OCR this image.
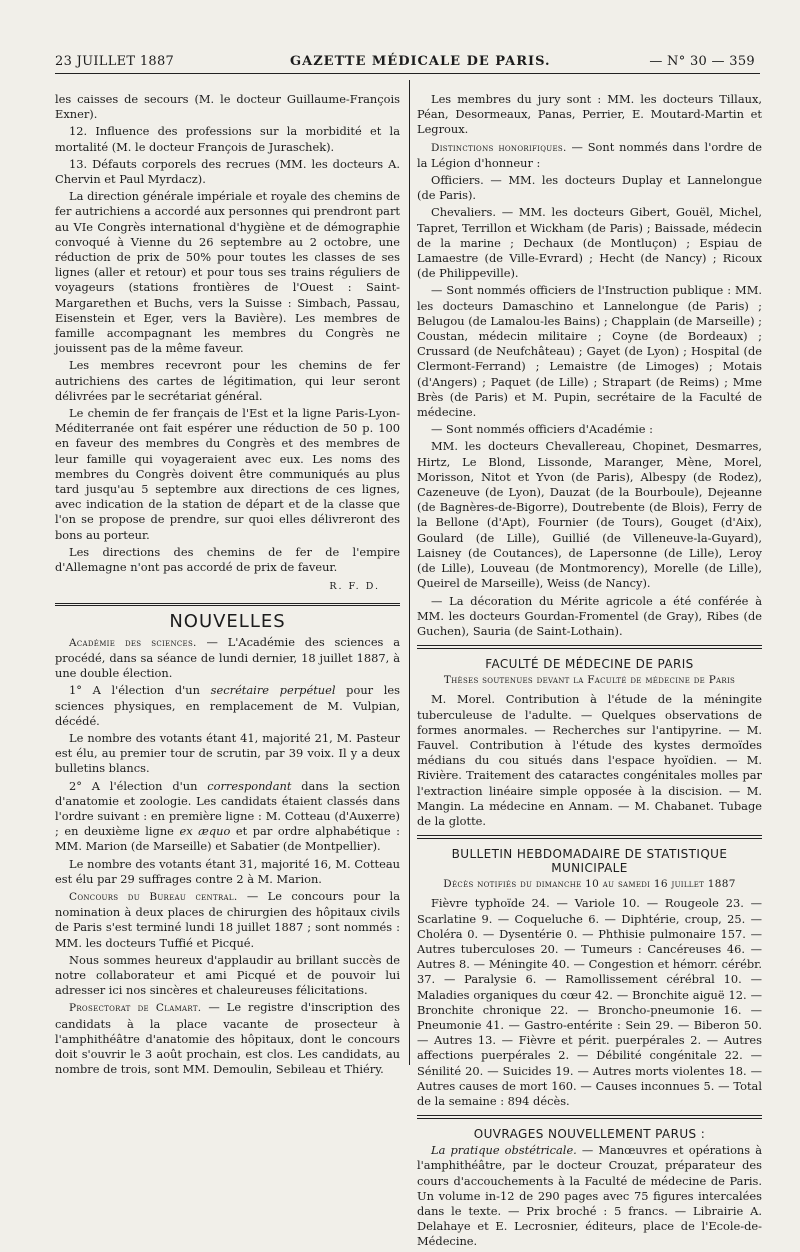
23 JUILLET 1887	GAZETTE MÉDICALE DE PARIS.	— N° 30 — 359

les caisses de secours (M. le docteur Guillaume-François Exner).

12. Influence des professions sur la morbidité et la mortalité (M. le docteur François de Juraschek).

13. Défauts corporels des recrues (MM. les docteurs A. Chervin et Paul Myrdacz).

La direction générale impériale et royale des chemins de fer autrichiens a accordé aux personnes qui prendront part au VIe Congrès international d'hygiène et de démographie convoqué à Vienne du 26 septembre au 2 octobre, une réduction de prix de 50% pour toutes les classes de ses lignes (aller et retour) et pour tous ses trains réguliers de voyageurs (stations frontières de l'Ouest : Saint-Margarethen et Buchs, vers la Suisse : Simbach, Passau, Eisenstein et Eger, vers la Bavière). Les membres de famille accompagnant les membres du Congrès ne jouissent pas de la même faveur.

Les membres recevront pour les chemins de fer autrichiens des cartes de légitimation, qui leur seront délivrées par le secrétariat général.

Le chemin de fer français de l'Est et la ligne Paris-Lyon-Méditerranée ont fait espérer une réduction de 50 p. 100 en faveur des membres du Congrès et des membres de leur famille qui voyageraient avec eux. Les noms des membres du Congrès doivent être communiqués au plus tard jusqu'au 5 septembre aux directions de ces lignes, avec indication de la station de départ et de la classe que l'on se propose de prendre, sur quoi elles délivreront des bons au porteur.

Les directions des chemins de fer de l'empire d'Allemagne n'ont pas accordé de prix de faveur.

R. F. D.
NOUVELLES

Académie des sciences. — L'Académie des sciences a procédé, dans sa séance de lundi dernier, 18 juillet 1887, à une double élection.

1° A l'élection d'un secrétaire perpétuel pour les sciences physiques, en remplacement de M. Vulpian, décédé.

Le nombre des votants étant 41, majorité 21, M. Pasteur est élu, au premier tour de scrutin, par 39 voix. Il y a deux bulletins blancs.

2° A l'élection d'un correspondant dans la section d'anatomie et zoologie. Les candidats étaient classés dans l'ordre suivant : en première ligne : M. Cotteau (d'Auxerre) ; en deuxième ligne ex æquo et par ordre alphabétique : MM. Marion (de Marseille) et Sabatier (de Montpellier).

Le nombre des votants étant 31, majorité 16, M. Cotteau est élu par 29 suffrages contre 2 à M. Marion.

Concours du Bureau central. — Le concours pour la nomination à deux places de chirurgien des hôpitaux civils de Paris s'est terminé lundi 18 juillet 1887 ; sont nommés : MM. les docteurs Tuffié et Picqué.

Nous sommes heureux d'applaudir au brillant succès de notre collaborateur et ami Picqué et de pouvoir lui adresser ici nos sincères et chaleureuses félicitations.

Prosectorat de Clamart. — Le registre d'inscription des candidats à la place vacante de prosecteur à l'amphithéâtre d'anatomie des hôpitaux, dont le concours doit s'ouvrir le 3 août prochain, est clos. Les candidats, au nombre de trois, sont MM. Demoulin, Sebileau et Thiéry.

Les membres du jury sont : MM. les docteurs Tillaux, Péan, Desormeaux, Panas, Perrier, E. Moutard-Martin et Legroux.

Distinctions honorifiques. — Sont nommés dans l'ordre de la Légion d'honneur :

Officiers. — MM. les docteurs Duplay et Lannelongue (de Paris).

Chevaliers. — MM. les docteurs Gibert, Gouël, Michel, Tapret, Terrillon et Wickham (de Paris) ; Baissade, médecin de la marine ; Dechaux (de Montluçon) ; Espiau de Lamaestre (de Ville-Evrard) ; Hecht (de Nancy) ; Ricoux (de Philippeville).

— Sont nommés officiers de l'Instruction publique : MM. les docteurs Damaschino et Lannelongue (de Paris) ; Belugou (de Lamalou-les Bains) ; Chapplain (de Marseille) ; Coustan, médecin militaire ; Coyne (de Bordeaux) ; Crussard (de Neufchâteau) ; Gayet (de Lyon) ; Hospital (de Clermont-Ferrand) ; Lemaistre (de Limoges) ; Motais (d'Angers) ; Paquet (de Lille) ; Strapart (de Reims) ; Mme Brès (de Paris) et M. Pupin, secrétaire de la Faculté de médecine.

— Sont nommés officiers d'Académie :

MM. les docteurs Chevallereau, Chopinet, Desmarres, Hirtz, Le Blond, Lissonde, Maranger, Mène, Morel, Morisson, Nitot et Yvon (de Paris), Albespy (de Rodez), Cazeneuve (de Lyon), Dauzat (de la Bourboule), Dejeanne (de Bagnères-de-Bigorre), Doutrebente (de Blois), Ferry de la Bellone (d'Apt), Fournier (de Tours), Gouget (d'Aix), Goulard (de Lille), Guillié (de Villeneuve-la-Guyard), Laisney (de Coutances), de Lapersonne (de Lille), Leroy (de Lille), Louveau (de Montmorency), Morelle (de Lille), Queirel de Marseille), Weiss (de Nancy).

— La décoration du Mérite agricole a été conférée à MM. les docteurs Gourdan-Fromentel (de Gray), Ribes (de Guchen), Sauria (de Saint-Lothain).

FACULTÉ DE MÉDECINE DE PARIS
Thèses soutenues devant la Faculté de médecine de Paris

M. Morel. Contribution à l'étude de la méningite tuberculeuse de l'adulte. — Quelques observations de formes anormales. — Recherches sur l'antipyrine. — M. Fauvel. Contribution à l'étude des kystes dermoïdes médians du cou situés dans l'espace hyoïdien. — M. Rivière. Traitement des cataractes congénitales molles par l'extraction linéaire simple opposée à la discision. — M. Mangin. La médecine en Annam. — M. Chabanet. Tubage de la glotte.

BULLETIN HEBDOMADAIRE DE STATISTIQUE MUNICIPALE
Décès notifiés du dimanche 10 au samedi 16 juillet 1887

Fièvre typhoïde 24. — Variole 10. — Rougeole 23. — Scarlatine 9. — Coqueluche 6. — Diphtérie, croup, 25. — Choléra 0. — Dysentérie 0. — Phthisie pulmonaire 157. — Autres tuberculoses 20. — Tumeurs : Cancéreuses 46. — Autres 8. — Méningite 40. — Congestion et hémorr. cérébr. 37. — Paralysie 6. — Ramollissement cérébral 10. — Maladies organiques du cœur 42. — Bronchite aiguë 12. — Bronchite chronique 22. — Broncho-pneumonie 16. — Pneumonie 41. — Gastro-entérite : Sein 29. — Biberon 50. — Autres 13. — Fièvre et périt. puerpérales 2. — Autres affections puerpérales 2. — Débilité congénitale 22. — Sénilité 20. — Suicides 19. — Autres morts violentes 18. — Autres causes de mort 160. — Causes inconnues 5. — Total de la semaine : 894 décès.

OUVRAGES NOUVELLEMENT PARUS :

La pratique obstétricale. — Manœuvres et opérations à l'amphithéâtre, par le docteur Crouzat, préparateur des cours d'accouchements à la Faculté de médecine de Paris. Un volume in-12 de 290 pages avec 75 figures intercalées dans le texte. — Prix broché : 5 francs. — Librairie A. Delahaye et E. Lecrosnier, éditeurs, place de l'Ecole-de-Médecine.
